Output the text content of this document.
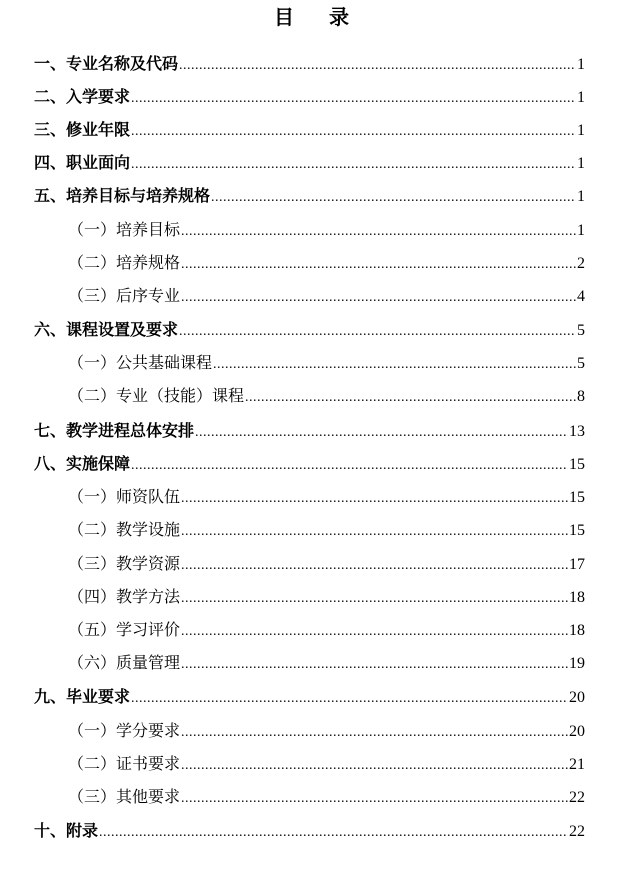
目 录
一、专业名称及代码 .....	1
二、入学要求 .....	1
三、修业年限 .....	1
四、职业面向 .....	1
五、培养目标与培养规格 .....	1
（一）培养目标 .....	1
（二）培养规格 .....	2
（三）后序专业 .....	4
六、课程设置及要求 .....	5
（一）公共基础课程 .....	5
（二）专业（技能）课程 .....	8
七、教学进程总体安排 .....	13
八、实施保障 .....	15
（一）师资队伍 .....	15
（二）教学设施 .....	15
（三）教学资源 .....	17
（四）教学方法 .....	18
（五）学习评价 .....	18
（六）质量管理 .....	19
九、毕业要求 .....	20
（一）学分要求 .....	20
（二）证书要求 .....	21
（三）其他要求 .....	22
十、附录 .....	22
